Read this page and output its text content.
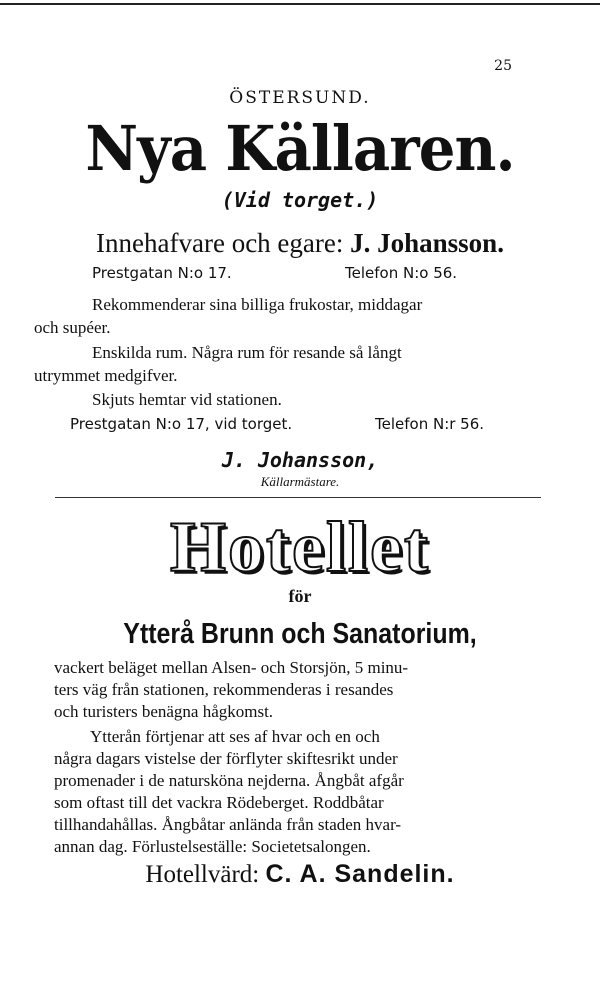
25
ÖSTERSUND.
Nya Källaren.
(Vid torget.)
Innehafvare och egare: J. Johansson.
Prestgatan N:o 17.	Telefon N:o 56.
Rekommenderar sina billiga frukostar, middagar
och supéer.
Enskilda rum. Några rum för resande så långt
utrymmet medgifver.
Skjuts hemtar vid stationen.
Prestgatan N:o 17, vid torget.	Telefon N:r 56.
J. Johansson,
Källarmästare.
Hotellet
för
Ytterå Brunn och Sanatorium,
vackert beläget mellan Alsen- och Storsjön, 5 minu-
ters väg från stationen, rekommenderas i resandes
och turisters benägna hågkomst.
Ytterån förtjenar att ses af hvar och en och
några dagars vistelse der förflyter skiftesrikt under
promenader i de natursköna nejderna. Ångbåt afgår
som oftast till det vackra Rödeberget. Roddbåtar
tillhandahållas. Ångbåtar anlända från staden hvar-
annan dag. Förlustelseställe: Societetsalongen.
Hotellvärd: C. A. Sandelin.
